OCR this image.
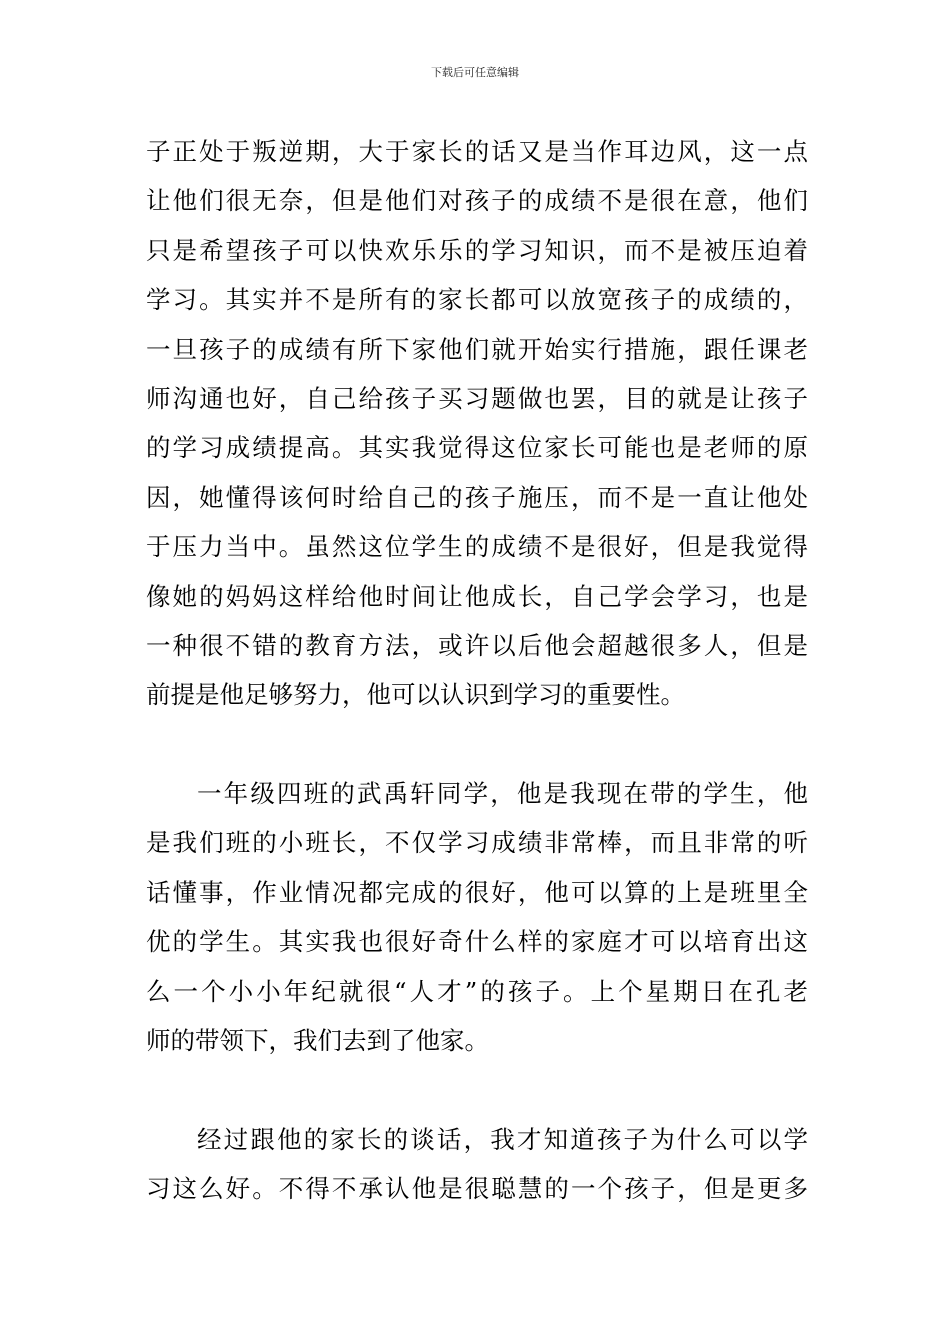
下载后可任意编辑
子正处于叛逆期，大于家长的话又是当作耳边风，这一点
让他们很无奈，但是他们对孩子的成绩不是很在意，他们
只是希望孩子可以快欢乐乐的学习知识，而不是被压迫着
学习。其实并不是所有的家长都可以放宽孩子的成绩的，
一旦孩子的成绩有所下家他们就开始实行措施，跟任课老
师沟通也好，自己给孩子买习题做也罢，目的就是让孩子
的学习成绩提高。其实我觉得这位家长可能也是老师的原
因，她懂得该何时给自己的孩子施压，而不是一直让他处
于压力当中。虽然这位学生的成绩不是很好，但是我觉得
像她的妈妈这样给他时间让他成长，自己学会学习，也是
一种很不错的教育方法，或许以后他会超越很多人，但是
前提是他足够努力，他可以认识到学习的重要性。
一年级四班的武禹轩同学，他是我现在带的学生，他
是我们班的小班长，不仅学习成绩非常棒，而且非常的听
话懂事，作业情况都完成的很好，他可以算的上是班里全
优的学生。其实我也很好奇什么样的家庭才可以培育出这
么一个小小年纪就很“人才”的孩子。上个星期日在孔老
师的带领下，我们去到了他家。
经过跟他的家长的谈话，我才知道孩子为什么可以学
习这么好。不得不承认他是很聪慧的一个孩子，但是更多
